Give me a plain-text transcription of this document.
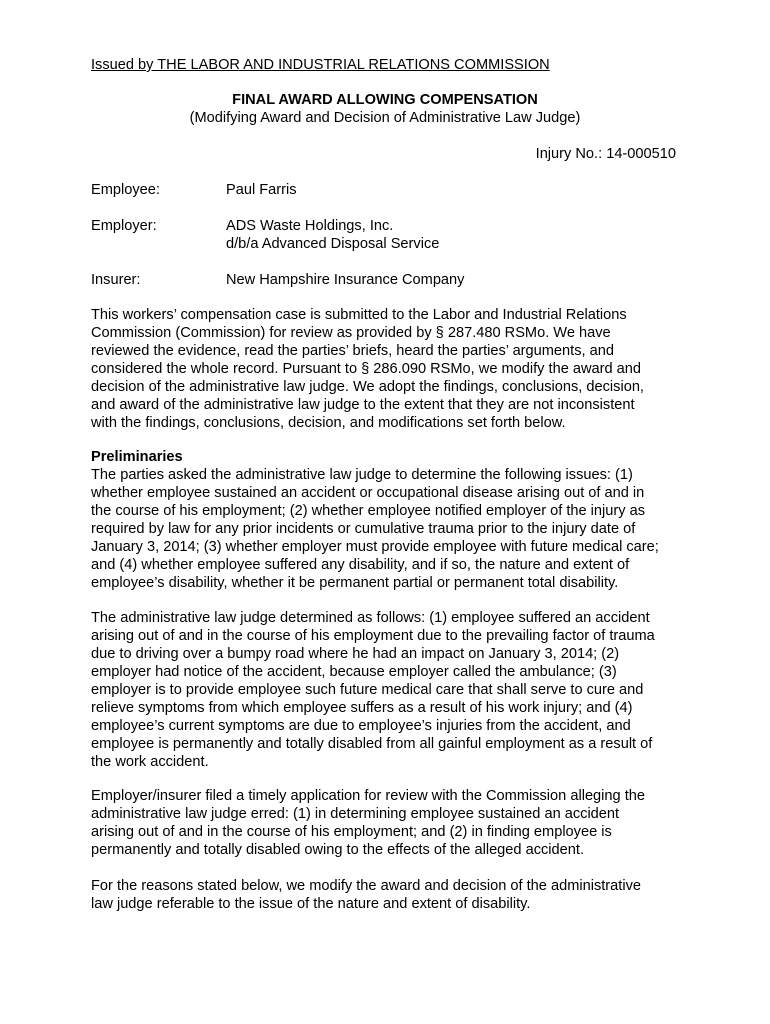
Issued by THE LABOR AND INDUSTRIAL RELATIONS COMMISSION
FINAL AWARD ALLOWING COMPENSATION
(Modifying Award and Decision of Administrative Law Judge)
Injury No.: 14-000510
Employee:	Paul Farris
Employer:	ADS Waste Holdings, Inc.
d/b/a Advanced Disposal Service
Insurer:	New Hampshire Insurance Company
This workers’ compensation case is submitted to the Labor and Industrial Relations
Commission (Commission) for review as provided by § 287.480 RSMo. We have
reviewed the evidence, read the parties’ briefs, heard the parties’ arguments, and
considered the whole record. Pursuant to § 286.090 RSMo, we modify the award and
decision of the administrative law judge. We adopt the findings, conclusions, decision,
and award of the administrative law judge to the extent that they are not inconsistent
with the findings, conclusions, decision, and modifications set forth below.
Preliminaries
The parties asked the administrative law judge to determine the following issues: (1)
whether employee sustained an accident or occupational disease arising out of and in
the course of his employment; (2) whether employee notified employer of the injury as
required by law for any prior incidents or cumulative trauma prior to the injury date of
January 3, 2014; (3) whether employer must provide employee with future medical care;
and (4) whether employee suffered any disability, and if so, the nature and extent of
employee’s disability, whether it be permanent partial or permanent total disability.
The administrative law judge determined as follows: (1) employee suffered an accident
arising out of and in the course of his employment due to the prevailing factor of trauma
due to driving over a bumpy road where he had an impact on January 3, 2014; (2)
employer had notice of the accident, because employer called the ambulance; (3)
employer is to provide employee such future medical care that shall serve to cure and
relieve symptoms from which employee suffers as a result of his work injury; and (4)
employee’s current symptoms are due to employee’s injuries from the accident, and
employee is permanently and totally disabled from all gainful employment as a result of
the work accident.
Employer/insurer filed a timely application for review with the Commission alleging the
administrative law judge erred: (1) in determining employee sustained an accident
arising out of and in the course of his employment; and (2) in finding employee is
permanently and totally disabled owing to the effects of the alleged accident.
For the reasons stated below, we modify the award and decision of the administrative
law judge referable to the issue of the nature and extent of disability.
